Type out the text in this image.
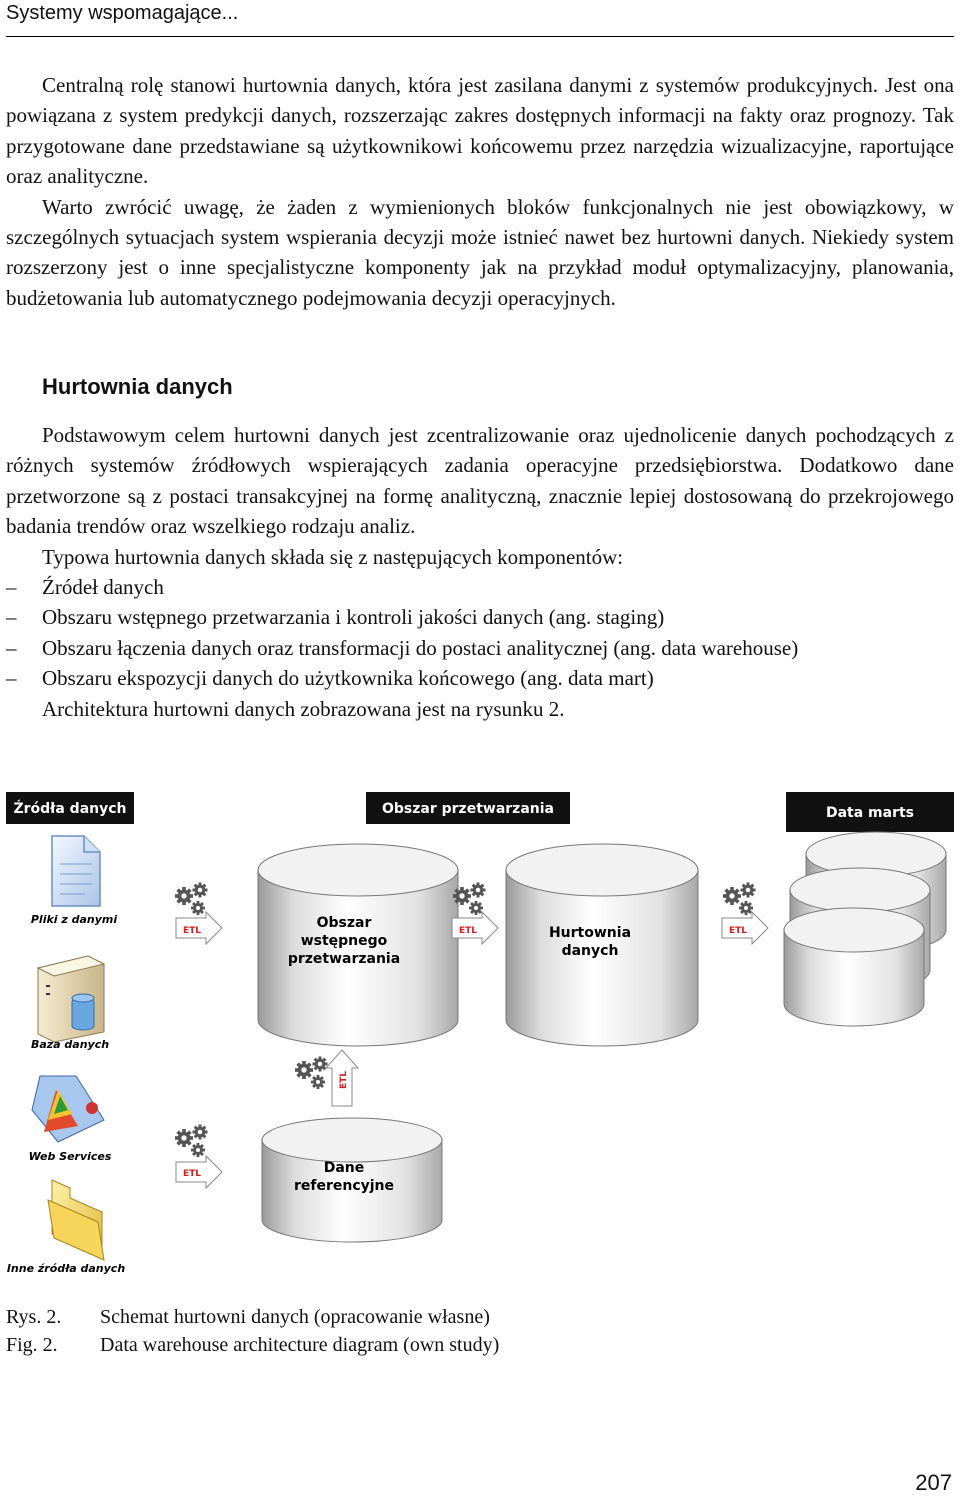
Systemy wspomagające...

Centralną rolę stanowi hurtownia danych, która jest zasilana danymi z systemów produkcyjnych. Jest ona powiązana z system predykcji danych, rozszerzając zakres dostępnych informacji na fakty oraz prognozy. Tak przygotowane dane przedstawiane są użytkownikowi końcowemu przez narzędzia wizualizacyjne, raportujące oraz analityczne.

Warto zwrócić uwagę, że żaden z wymienionych bloków funkcjonalnych nie jest obowiązkowy, w szczególnych sytuacjach system wspierania decyzji może istnieć nawet bez hurtowni danych. Niekiedy system rozszerzony jest o inne specjalistyczne komponenty jak na przykład moduł optymalizacyjny, planowania, budżetowania lub automatycznego podejmowania decyzji operacyjnych.

Hurtownia danych

Podstawowym celem hurtowni danych jest zcentralizowanie oraz ujednolicenie danych pochodzących z różnych systemów źródłowych wspierających zadania operacyjne przedsiębiorstwa. Dodatkowo dane przetworzone są z postaci transakcyjnej na formę analityczną, znacznie lepiej dostosowaną do przekrojowego badania trendów oraz wszelkiego rodzaju analiz.

Typowa hurtownia danych składa się z następujących komponentów:

– Źródeł danych
– Obszaru wstępnego przetwarzania i kontroli jakości danych (ang. staging)
– Obszaru łączenia danych oraz transformacji do postaci analitycznej (ang. data warehouse)
– Obszaru ekspozycji danych do użytkownika końcowego (ang. data mart)

Architektura hurtowni danych zobrazowana jest na rysunku 2.

Źródła danych	Obszar przetwarzania	Data marts
Pliki z danymi
Baza danych
Web Services
Inne źródła danych
ETL	Obszar
wstępnego
przetwarzania
ETL	Hurtownia
danych
ETL
ETL
ETL	Dane
referencyjne
Rys. 2. Schemat hurtowni danych (opracowanie własne)
Fig. 2. Data warehouse architecture diagram (own study)
207
